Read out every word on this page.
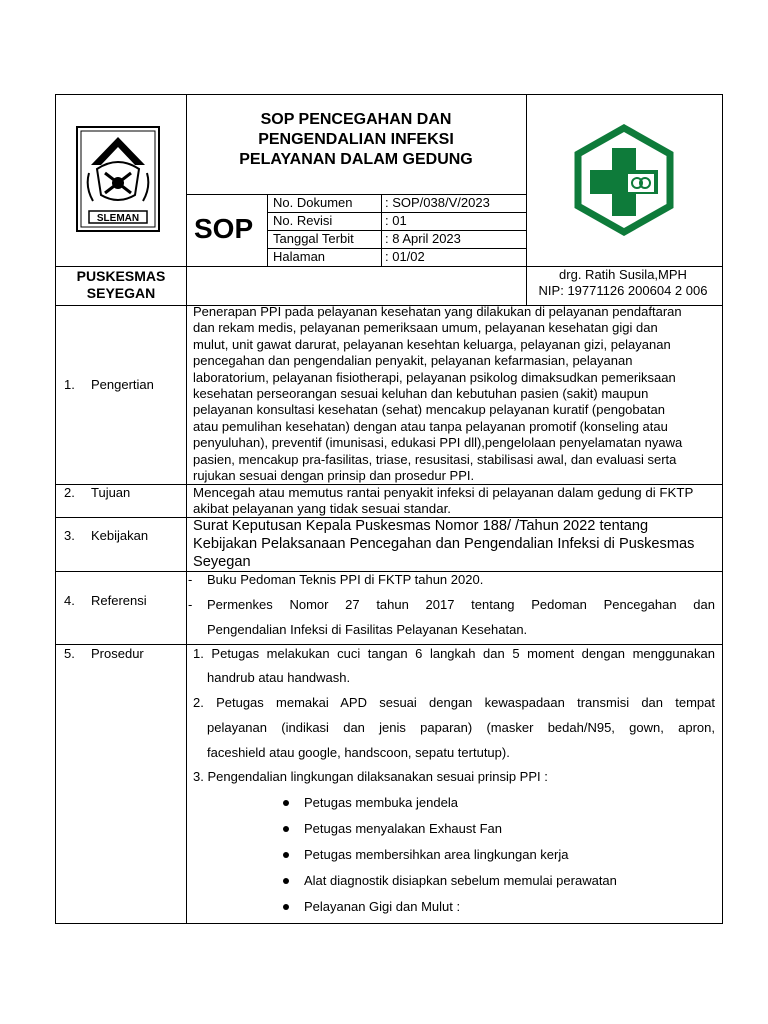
SLEMAN
SOP PENCEGAHAN DAN
PENGENDALIAN INFEKSI
PELAYANAN DALAM GEDUNG
SOP
No. Dokumen	: SOP/038/V/2023
No. Revisi	: 01
Tanggal Terbit : 8 April 2023
Halaman	: 01/02
PUSKESMAS
SEYEGAN
drg. Ratih Susila,MPH
NIP: 19771126 200604 2 006
1. Pengertian
Penerapan PPI pada pelayanan kesehatan yang dilakukan di pelayanan pendaftaran
dan rekam medis, pelayanan pemeriksaan umum, pelayanan kesehatan gigi dan
mulut, unit gawat darurat, pelayanan kesehtan keluarga, pelayanan gizi, pelayanan
pencegahan dan pengendalian penyakit, pelayanan kefarmasian, pelayanan
laboratorium, pelayanan fisiotherapi, pelayanan psikolog dimaksudkan pemeriksaan
kesehatan perseorangan sesuai keluhan dan kebutuhan pasien (sakit) maupun
pelayanan konsultasi kesehatan (sehat) mencakup pelayanan kuratif (pengobatan
atau pemulihan kesehatan) dengan atau tanpa pelayanan promotif (konseling atau
penyuluhan), preventif (imunisasi, edukasi PPI dll),pengelolaan penyelamatan nyawa
pasien, mencakup pra-fasilitas, triase, resusitasi, stabilisasi awal, dan evaluasi serta
rujukan sesuai dengan prinsip dan prosedur PPI.
2. Tujuan	Mencegah atau memutus rantai penyakit infeksi di pelayanan dalam gedung di FKTP
akibat pelayanan yang tidak sesuai standar.
3. Kebijakan
Surat Keputusan Kepala Puskesmas Nomor 188/ /Tahun 2022 tentang
Kebijakan Pelaksanaan Pencegahan dan Pengendalian Infeksi di Puskesmas
Seyegan
4. Referensi
- Buku Pedoman Teknis PPI di FKTP tahun 2020.
- Permenkes Nomor 27 tahun 2017 tentang Pedoman Pencegahan dan
Pengendalian Infeksi di Fasilitas Pelayanan Kesehatan.
5. Prosedur	1. Petugas melakukan cuci tangan 6 langkah dan 5 moment dengan menggunakan
handrub atau handwash.
2. Petugas memakai APD sesuai dengan kewaspadaan transmisi dan tempat
pelayanan (indikasi dan jenis paparan) (masker bedah/N95, gown, apron,
faceshield atau google, handscoon, sepatu tertutup).
3. Pengendalian lingkungan dilaksanakan sesuai prinsip PPI :
Petugas membuka jendela
Petugas menyalakan Exhaust Fan
Petugas membersihkan area lingkungan kerja
Alat diagnostik disiapkan sebelum memulai perawatan
Pelayanan Gigi dan Mulut :
